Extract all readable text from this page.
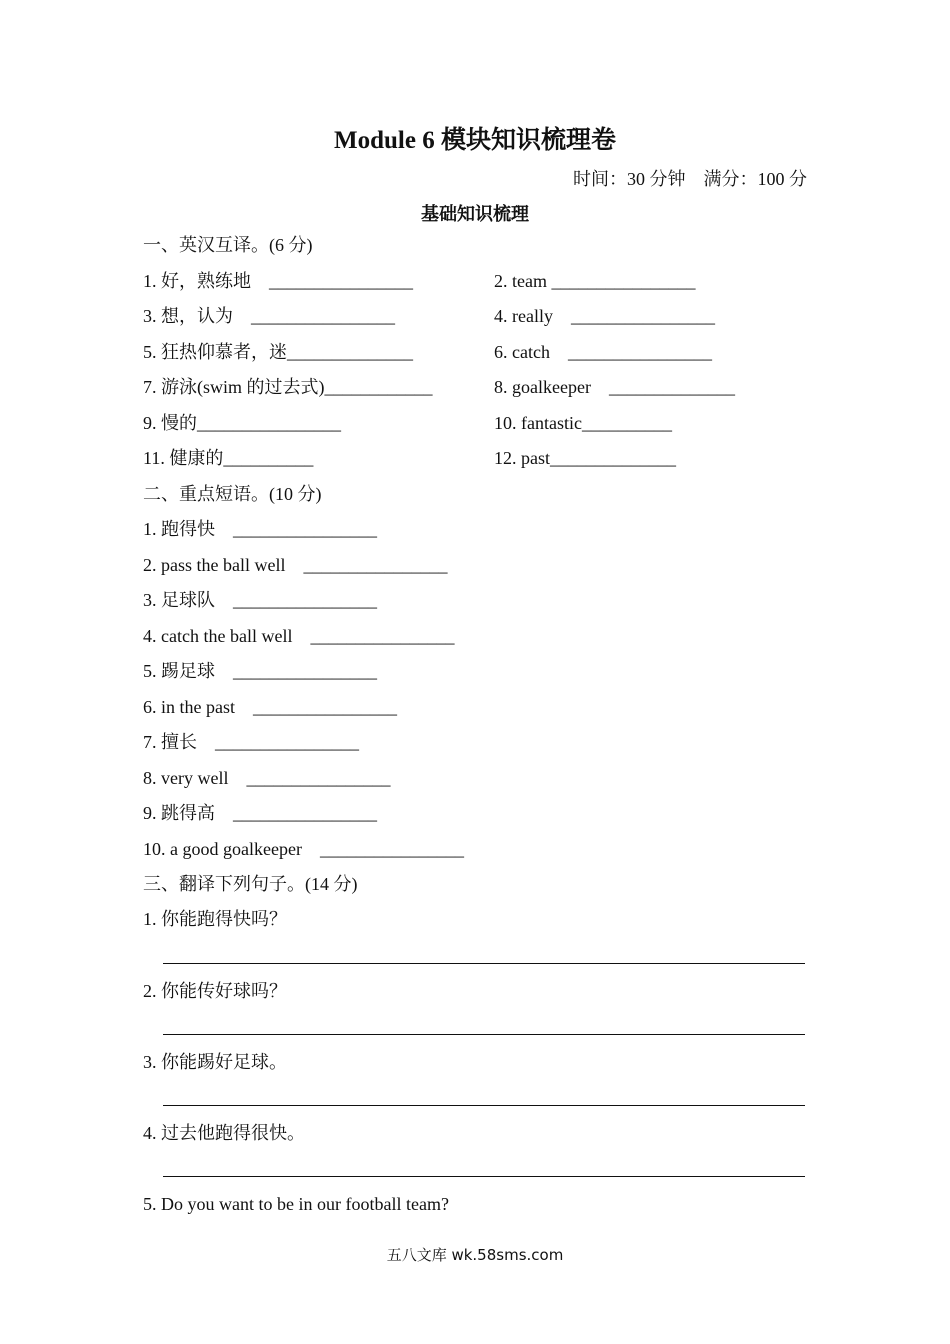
Module 6 模块知识梳理卷
时间：30 分钟    满分：100 分
基础知识梳理
一、英汉互译。(6 分)
1. 好，熟练地    ________________	2. team ________________
3. 想，认为    ________________	4. really    ________________
5. 狂热仰慕者，迷______________	6. catch    ________________
7. 游泳(swim 的过去式)____________	8. goalkeeper    ______________
9. 慢的________________	10. fantastic__________
11. 健康的__________	12. past______________
二、重点短语。(10 分)
1. 跑得快    ________________
2. pass the ball well    ________________
3. 足球队    ________________
4. catch the ball well    ________________
5. 踢足球    ________________
6. in the past    ________________
7. 擅长    ________________
8. very well    ________________
9. 跳得高    ________________
10. a good goalkeeper    ________________
三、翻译下列句子。(14 分)
1. 你能跑得快吗？
2. 你能传好球吗？
3. 你能踢好足球。
4. 过去他跑得很快。
5. Do you want to be in our football team?
五八文库 wk.58sms.com
